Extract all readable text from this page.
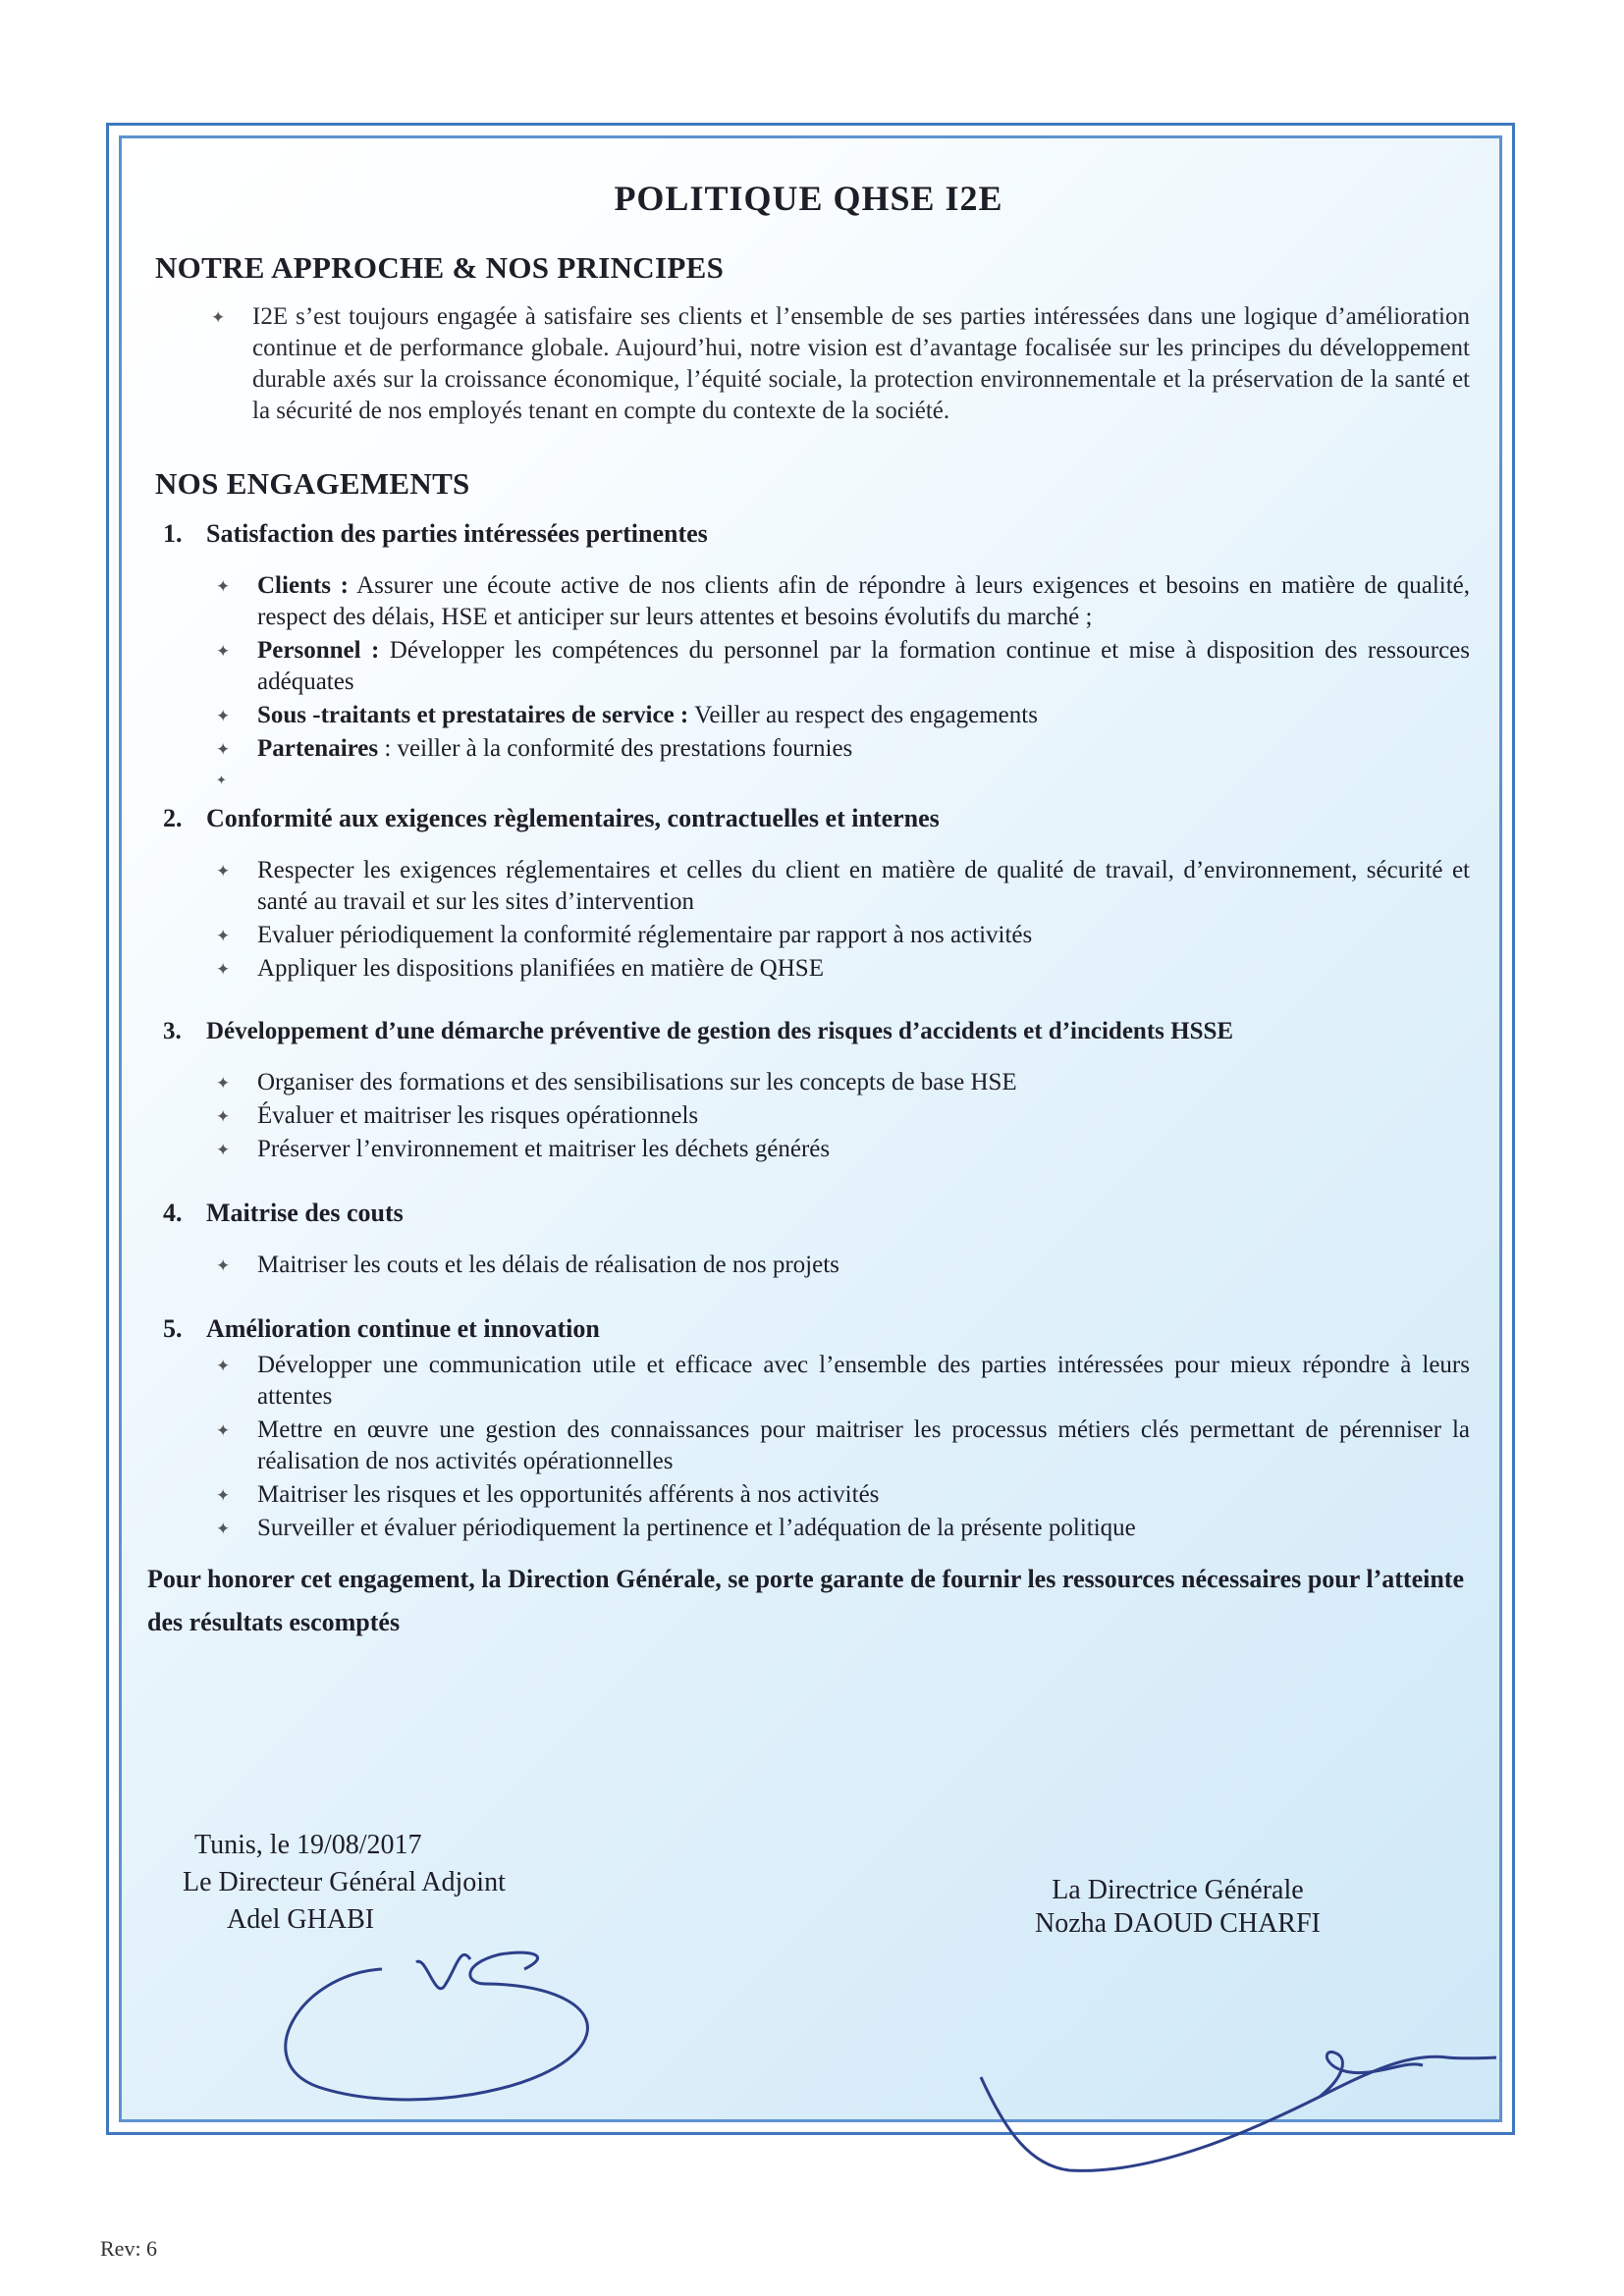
POLITIQUE QHSE I2E
NOTRE APPROCHE & NOS PRINCIPES
✦ I2E s’est toujours engagée à satisfaire ses clients et l’ensemble de ses parties intéressées dans une logique d’amélioration continue et de performance globale. Aujourd’hui, notre vision est d’avantage focalisée sur les principes du développement durable axés sur la croissance économique, l’équité sociale, la protection environnementale et la préservation de la santé et la sécurité de nos employés tenant en compte du contexte de la société.
NOS ENGAGEMENTS
1. Satisfaction des parties intéressées pertinentes
✦ Clients : Assurer une écoute active de nos clients afin de répondre à leurs exigences et besoins en matière de qualité, respect des délais, HSE et anticiper sur leurs attentes et besoins évolutifs du marché ;
✦ Personnel : Développer les compétences du personnel par la formation continue et mise à disposition des ressources adéquates
✦ Sous -traitants et prestataires de service : Veiller au respect des engagements
✦ Partenaires : veiller à la conformité des prestations fournies
✦
2. Conformité aux exigences règlementaires, contractuelles et internes
✦ Respecter les exigences réglementaires et celles du client en matière de qualité de travail, d’environnement, sécurité et santé au travail et sur les sites d’intervention
✦ Evaluer périodiquement la conformité réglementaire par rapport à nos activités
✦ Appliquer les dispositions planifiées en matière de QHSE
3. Développement d’une démarche préventive de gestion des risques d’accidents et d’incidents HSSE
✦ Organiser des formations et des sensibilisations sur les concepts de base HSE
✦ Évaluer et maitriser les risques opérationnels
✦ Préserver l’environnement et maitriser les déchets générés
4. Maitrise des couts
✦ Maitriser les couts et les délais de réalisation de nos projets
5. Amélioration continue et innovation
✦ Développer une communication utile et efficace avec l’ensemble des parties intéressées pour mieux répondre à leurs attentes
✦ Mettre en œuvre une gestion des connaissances pour maitriser les processus métiers clés permettant de pérenniser la réalisation de nos activités opérationnelles
✦ Maitriser les risques et les opportunités afférents à nos activités
✦ Surveiller et évaluer périodiquement la pertinence et l’adéquation de la présente politique

Pour honorer cet engagement, la Direction Générale, se porte garante de fournir les ressources nécessaires pour l’atteinte des résultats escomptés

Tunis, le 19/08/2017
Le Directeur Général Adjoint
Adel GHABI
La Directrice Générale
Nozha DAOUD CHARFI
Rev: 6
